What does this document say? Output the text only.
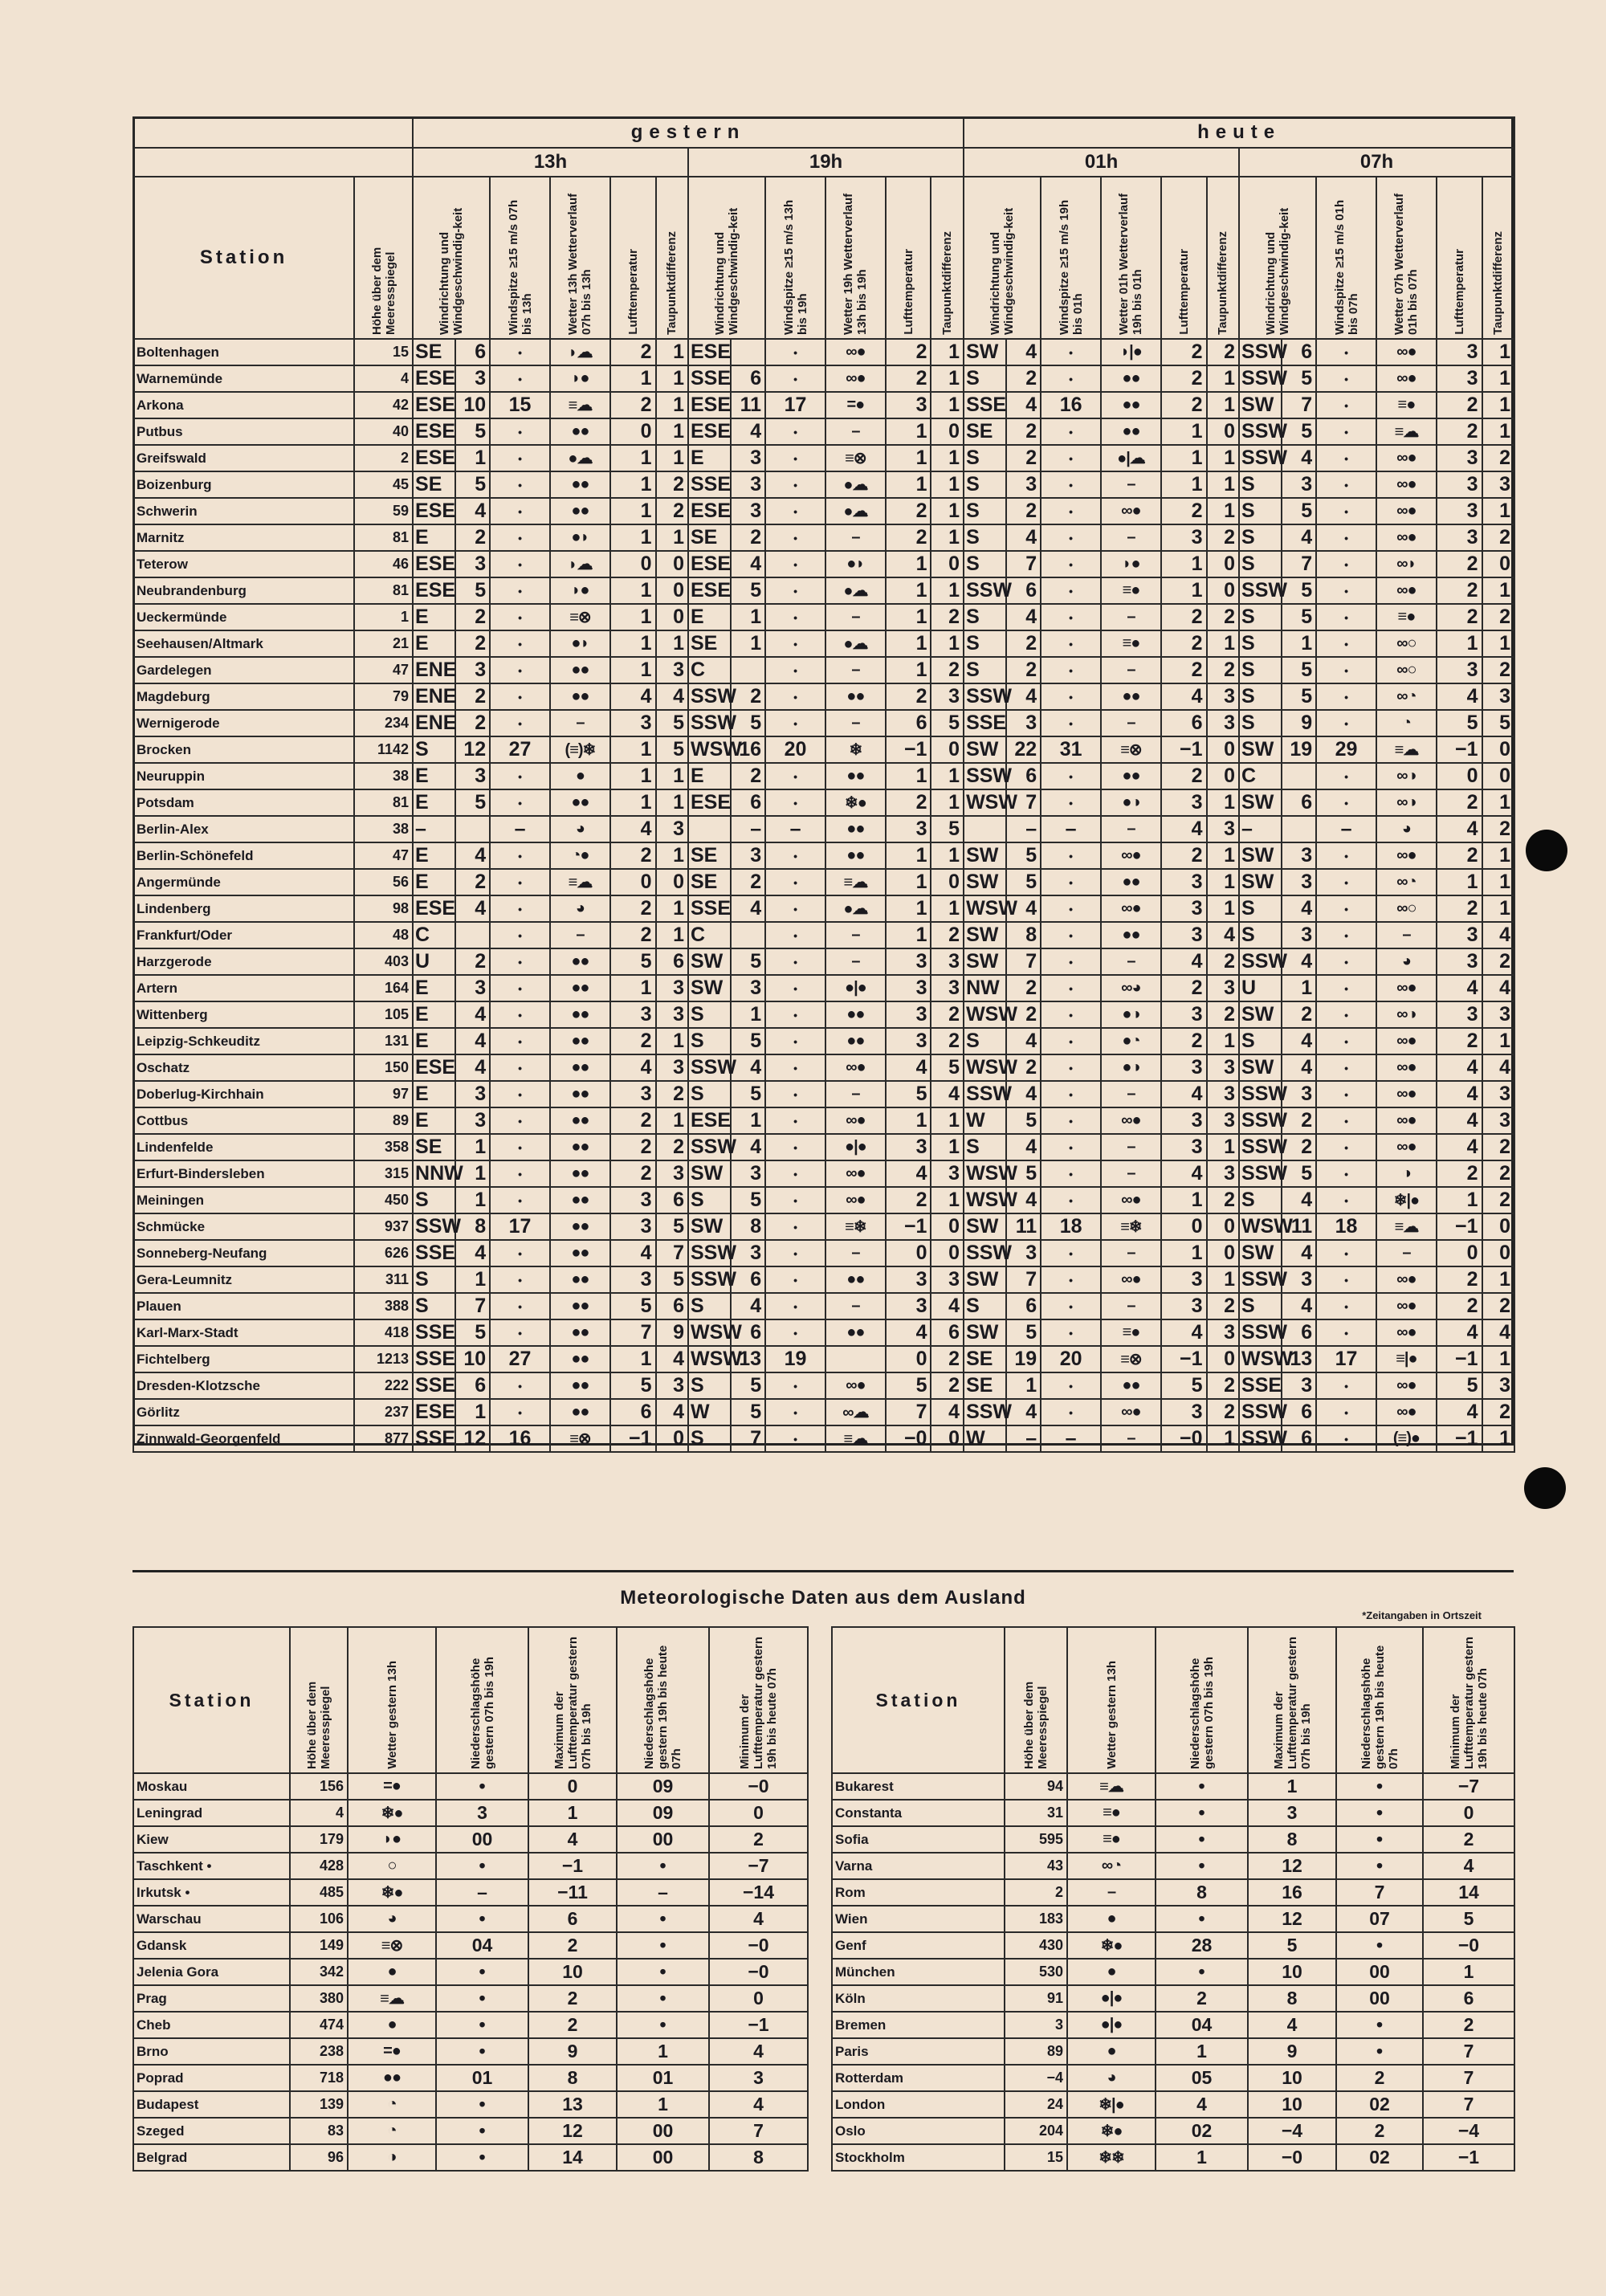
		gestern												heute											
		13h						19h						01h						07h					
Station	Höhe über dem Meeresspiegel	Windrichtung und Windgeschwindig-keit		Windspitze ≥15 m/s 07h bis 13h	Wetter 13h Wetterverlauf 07h bis 13h	Lufttemperatur	Taupunktdifferenz	Windrichtung und Windgeschwindig-keit		Windspitze ≥15 m/s 13h bis 19h	Wetter 19h Wetterverlauf 13h bis 19h	Lufttemperatur	Taupunktdifferenz	Windrichtung und Windgeschwindig-keit		Windspitze ≥15 m/s 19h bis 01h	Wetter 01h Wetterverlauf 19h bis 01h	Lufttemperatur	Taupunktdifferenz	Windrichtung und Windgeschwindig-keit		Windspitze ≥15 m/s 01h bis 07h	Wetter 07h Wetterverlauf 01h bis 07h	Lufttemperatur	Taupunktdifferenz

Boltenhagen	15	SE	6	•	◗☁	2	1	ESE		•	∞●	2	1	SW	4	•	◗|●	2	2	SSW	6	•	∞●	3	1
Warnemünde	4	ESE	3	•	◗●	1	1	SSE	6	•	∞●	2	1	S	2	•	●●	2	1	SSW	5	•	∞●	3	1
Arkona	42	ESE	10	15	≡☁	2	1	ESE	11	17	=●	3	1	SSE	4	16	●●	2	1	SW	7	•	≡●	2	1
Putbus	40	ESE	5	•	●●	0	1	ESE	4	•	–	1	0	SE	2	•	●●	1	0	SSW	5	•	≡☁	2	1
Greifswald	2	ESE	1	•	●☁	1	1	E	3	•	≡⊗	1	1	S	2	•	●|☁	1	1	SSW	4	•	∞●	3	2
Boizenburg	45	SE	5	•	●●	1	2	SSE	3	•	●☁	1	1	S	3	•	–	1	1	S	3	•	∞●	3	3
Schwerin	59	ESE	4	•	●●	1	2	ESE	3	•	●☁	2	1	S	2	•	∞●	2	1	S	5	•	∞●	3	1
Marnitz	81	E	2	•	●◗	1	1	SE	2	•	–	2	1	S	4	•	–	3	2	S	4	•	∞●	3	2
Teterow	46	ESE	3	•	◗☁	0	0	ESE	4	•	●◗	1	0	S	7	•	◗●	1	0	S	7	•	∞◗	2	0
Neubrandenburg	81	ESE	5	•	◗●	1	0	ESE	5	•	●☁	1	1	SSW	6	•	≡●	1	0	SSW	5	•	∞●	2	1
Ueckermünde	1	E	2	•	≡⊗	1	0	E	1	•	–	1	2	S	4	•	–	2	2	S	5	•	≡●	2	2
Seehausen/Altmark	21	E	2	•	●◗	1	1	SE	1	•	●☁	1	1	S	2	•	≡●	2	1	S	1	•	∞○	1	1
Gardelegen	47	ENE	3	•	●●	1	3	C		•	–	1	2	S	2	•	–	2	2	S	5	•	∞○	3	2
Magdeburg	79	ENE	2	•	●●	4	4	SSW	2	•	●●	2	3	SSW	4	•	●●	4	3	S	5	•	∞◔	4	3
Wernigerode	234	ENE	2	•	–	3	5	SSW	5	•	–	6	5	SSE	3	•	–	6	3	S	9	•	◔	5	5
Brocken	1142	S	12	27	(≡)❄	1	5	WSW	16	20	❄	−1	0	SW	22	31	≡⊗	−1	0	SW	19	29	≡☁	−1	0
Neuruppin	38	E	3	•	●	1	1	E	2	•	●●	1	1	SSW	6	•	●●	2	0	C		•	∞◑	0	0
Potsdam	81	E	5	•	●●	1	1	ESE	6	•	❄●	2	1	WSW	7	•	●◑	3	1	SW	6	•	∞◑	2	1
Berlin-Alex	38	–		–	◕	4	3		–	–	●●	3	5		–	–	–	4	3	–		–	◕	4	2
Berlin-Schönefeld	47	E	4	•	◔●	2	1	SE	3	•	●●	1	1	SW	5	•	∞●	2	1	SW	3	•	∞●	2	1
Angermünde	56	E	2	•	≡☁	0	0	SE	2	•	≡☁	1	0	SW	5	•	●●	3	1	SW	3	•	∞◔	1	1
Lindenberg	98	ESE	4	•	◕	2	1	SSE	4	•	●☁	1	1	WSW	4	•	∞●	3	1	S	4	•	∞○	2	1
Frankfurt/Oder	48	C		•	–	2	1	C		•	–	1	2	SW	8	•	●●	3	4	S	3	•	–	3	4
Harzgerode	403	U	2	•	●●	5	6	SW	5	•	–	3	3	SW	7	•	–	4	2	SSW	4	•	◕	3	2
Artern	164	E	3	•	●●	1	3	SW	3	•	●|●	3	3	NW	2	•	∞◕	2	3	U	1	•	∞●	4	4
Wittenberg	105	E	4	•	●●	3	3	S	1	•	●●	3	2	WSW	2	•	●◑	3	2	SW	2	•	∞◑	3	3
Leipzig-Schkeuditz	131	E	4	•	●●	2	1	S	5	•	●●	3	2	S	4	•	●◔	2	1	S	4	•	∞●	2	1
Oschatz	150	ESE	4	•	●●	4	3	SSW	4	•	∞●	4	5	WSW	2	•	●◑	3	3	SW	4	•	∞●	4	4
Doberlug-Kirchhain	97	E	3	•	●●	3	2	S	5	•	–	5	4	SSW	4	•	–	4	3	SSW	3	•	∞●	4	3
Cottbus	89	E	3	•	●●	2	1	ESE	1	•	∞●	1	1	W	5	•	∞●	3	3	SSW	2	•	∞●	4	3
Lindenfelde	358	SE	1	•	●●	2	2	SSW	4	•	●|●	3	1	S	4	•	–	3	1	SSW	2	•	∞●	4	2
Erfurt-Bindersleben	315	NNW	1	•	●●	2	3	SW	3	•	∞●	4	3	WSW	5	•	–	4	3	SSW	5	•	◑	2	2
Meiningen	450	S	1	•	●●	3	6	S	5	•	∞●	2	1	WSW	4	•	∞●	1	2	S	4	•	❄|●	1	2
Schmücke	937	SSW	8	17	●●	3	5	SW	8	•	≡❄	−1	0	SW	11	18	≡❄	0	0	WSW	11	18	≡☁	−1	0
Sonneberg-Neufang	626	SSE	4	•	●●	4	7	SSW	3	•	–	0	0	SSW	3	•	–	1	0	SW	4	•	–	0	0
Gera-Leumnitz	311	S	1	•	●●	3	5	SSW	6	•	●●	3	3	SW	7	•	∞●	3	1	SSW	3	•	∞●	2	1
Plauen	388	S	7	•	●●	5	6	S	4	•	–	3	4	S	6	•	–	3	2	S	4	•	∞●	2	2
Karl-Marx-Stadt	418	SSE	5	•	●●	7	9	WSW	6	•	●●	4	6	SW	5	•	≡●	4	3	SSW	6	•	∞●	4	4
Fichtelberg	1213	SSE	10	27	●●	1	4	WSW	13	19		0	2	SE	19	20	≡⊗	−1	0	WSW	13	17	≡|●	−1	1
Dresden-Klotzsche	222	SSE	6	•	●●	5	3	S	5	•	∞●	5	2	SE	1	•	●●	5	2	SSE	3	•	∞●	5	3
Görlitz	237	ESE	1	•	●●	6	4	W	5	•	∞☁	7	4	SSW	4	•	∞●	3	2	SSW	6	•	∞●	4	2
Zinnwald-Georgenfeld	877	SSE	12	16	≡⊗	−1	0	S	7	•	≡☁	−0	0	W	–	–	–	−0	1	SSW	6	•	(≡)●	−1	1
Meteorologische Daten aus dem Ausland
*Zeitangaben in Ortszeit
Station	Höhe über dem Meeresspiegel	Wetter gestern 13h	Niederschlagshöhe gestern 07h bis 19h	Maximum der Lufttemperatur gestern 07h bis 19h	Niederschlagshöhe gestern 19h bis heute 07h	Minimum der Lufttemperatur gestern 19h bis heute 07h

Moskau	156	=●	•	0	09	−0
Leningrad	4	❄●	3	1	09	0
Kiew	179	◗●	00	4	00	2
Taschkent •	428	○	•	−1	•	−7
Irkutsk •	485	❄●	–	−11	–	−14
Warschau	106	◕	•	6	•	4
Gdansk	149	≡⊗	04	2	•	−0
Jelenia Gora	342	●	•	10	•	−0
Prag	380	≡☁	•	2	•	0
Cheb	474	●	•	2	•	−1
Brno	238	=●	•	9	1	4
Poprad	718	●●	01	8	01	3
Budapest	139	◔	•	13	1	4
Szeged	83	◔	•	12	00	7
Belgrad	96	◑	•	14	00	8
Station	Höhe über dem Meeresspiegel	Wetter gestern 13h	Niederschlagshöhe gestern 07h bis 19h	Maximum der Lufttemperatur gestern 07h bis 19h	Niederschlagshöhe gestern 19h bis heute 07h	Minimum der Lufttemperatur gestern 19h bis heute 07h

Bukarest	94	≡☁	•	1	•	−7
Constanta	31	≡●	•	3	•	0
Sofia	595	≡●	•	8	•	2
Varna	43	∞◔	•	12	•	4
Rom	2	–	8	16	7	14
Wien	183	●	•	12	07	5
Genf	430	❄●	28	5	•	−0
München	530	●	•	10	00	1
Köln	91	●|●	2	8	00	6
Bremen	3	●|●	04	4	•	2
Paris	89	●	1	9	•	7
Rotterdam	−4	◕	05	10	2	7
London	24	❄|●	4	10	02	7
Oslo	204	❄●	02	−4	2	−4
Stockholm	15	❄❄	1	−0	02	−1
